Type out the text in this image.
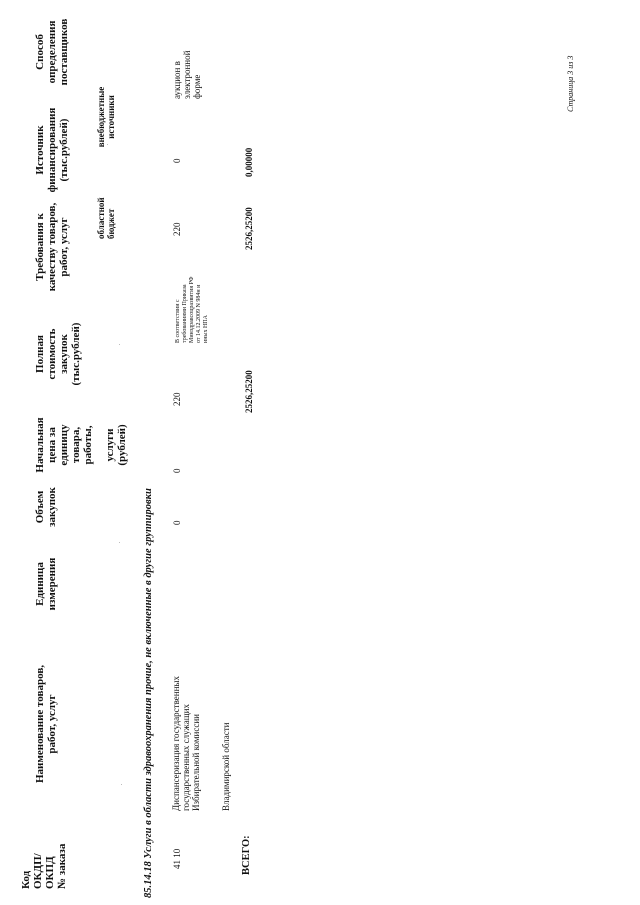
Код ОКДП/ ОКПД № заказа
Наименование товаров, работ, услуг
Единица измерения
Объем закупок
Начальная цена за единицу товара, работы, услуги (рублей)
Полная стоимость закупок (тыс.рублей)
Требования к качеству товаров, работ, услуг
Источник финансирования (тыс.рублей)
областной бюджет
внебюджетные источники
Способ определения поставщиков
85.14.18 Услуги в области здравоохранения прочие, не включенные в другие группировки 41 10
Диспансеризация государственных государственных служащих Избирательной комиссии Владимирской области
0
0
220
В соответствии с требованиями Приказа Минздравсоцразвития РФ от 14.12.2009 N 984н и иных НПА
220
0
аукцион в электронной форме
ВСЕГО:
2526,25200
2526,25200
0,00000
Страница 3 из 3
